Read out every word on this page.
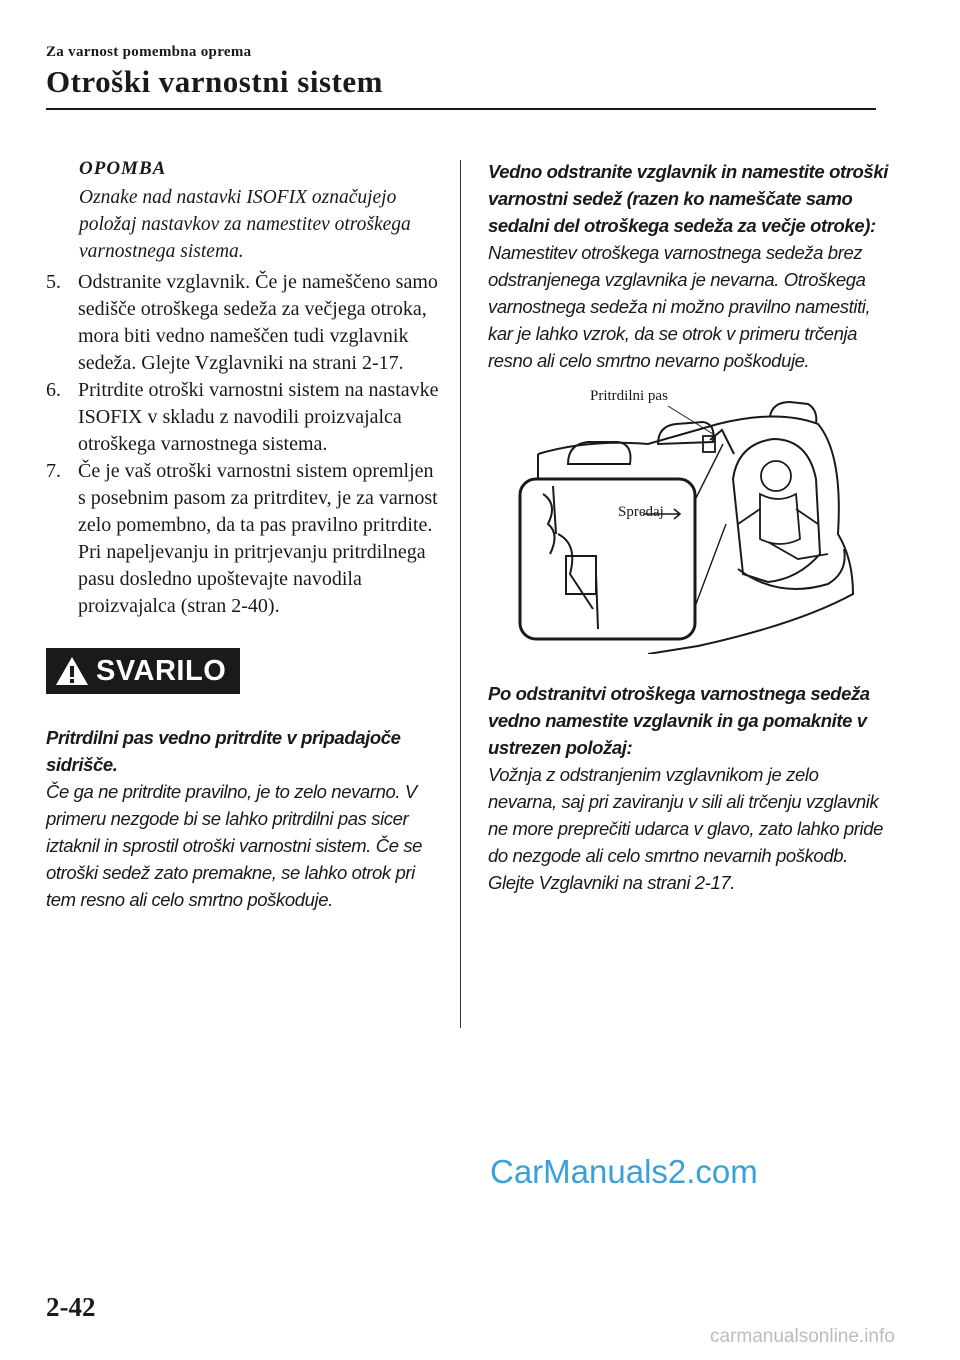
Za varnost pomembna oprema
Otroški varnostni sistem

OPOMBA

Oznake nad nastavki ISOFIX označujejo položaj nastavkov za namestitev otroškega varnostnega sistema.

5. Odstranite vzglavnik. Če je nameščeno samo sedišče otroškega sedeža za večjega otroka, mora biti vedno nameščen tudi vzglavnik sedeža. Glejte Vzglavniki na strani 2-17.
6. Pritrdite otroški varnostni sistem na nastavke ISOFIX v skladu z navodili proizvajalca otroškega varnostnega sistema.
7. Če je vaš otroški varnostni sistem opremljen s posebnim pasom za pritrditev, je za varnost zelo pomembno, da ta pas pravilno pritrdite. Pri napeljevanju in pritrjevanju pritrdilnega pasu dosledno upoštevajte navodila proizvajalca (stran 2-40).
SVARILO

Pritrdilni pas vedno pritrdite v pripadajoče sidrišče.

Če ga ne pritrdite pravilno, je to zelo nevarno. V primeru nezgode bi se lahko pritrdilni pas sicer iztaknil in sprostil otroški varnostni sistem. Če se otroški sedež zato premakne, se lahko otrok pri tem resno ali celo smrtno poškoduje.

Vedno odstranite vzglavnik in namestite otroški varnostni sedež (razen ko nameščate samo sedalni del otroškega sedeža za večje otroke):

Namestitev otroškega varnostnega sedeža brez odstranjenega vzglavnika je nevarna. Otroškega varnostnega sedeža ni možno pravilno namestiti, kar je lahko vzrok, da se otrok v primeru trčenja resno ali celo smrtno nevarno poškoduje.

Pritrdilni pas
Spredaj

Po odstranitvi otroškega varnostnega sedeža vedno namestite vzglavnik in ga pomaknite v ustrezen položaj:

Vožnja z odstranjenim vzglavnikom je zelo nevarna, saj pri zaviranju v sili ali trčenju vzglavnik ne more preprečiti udarca v glavo, zato lahko pride do nezgode ali celo smrtno nevarnih poškodb.

Glejte Vzglavniki na strani 2-17.

CarManuals2.com
2-42
carmanualsonline.info
